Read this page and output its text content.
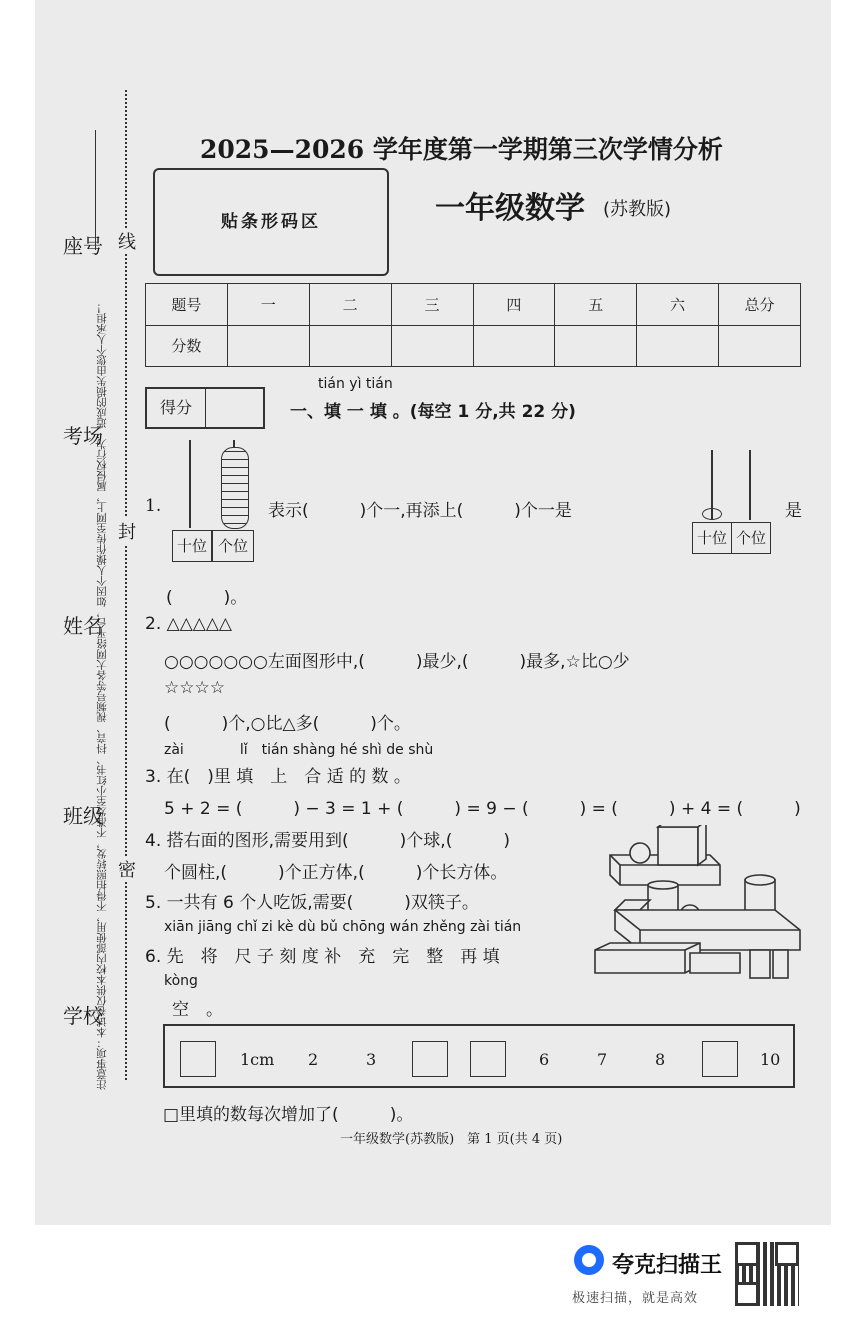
座号
考场
姓名
班级
学校
注意事项：本试卷仅供本校内部使用，不得拍照转发，不准发至小红书、抖音、视频号等各大网络平台，如因个人操作传至网上，属侵权行为，造成的损失由您个人承担！
线
封
密
2025—2026 学年度第一学期第三次学情分析
贴条形码区	一年级数学 (苏教版)
题号	一	二	三	四	五	六	总分
分数							
得分
tián yì tián
一、填 一 填 。(每空 1 分,共 22 分)
十位 个位
1.	表示(　　　)个一,再添上(　　　)个一是
十位 个位
是
(　　　)。
2. △△△△△
○○○○○○○左面图形中,(　　　)最少,(　　　)最多,☆比○少
☆☆☆☆
(　　　)个,○比△多(　　　)个。
zài　　　　lǐ　tián shàng hé shì de shù
3. 在(　)里 填　上　合 适 的 数 。
5 + 2 = (　　　) − 3 = 1 + (　　　) = 9 − (　　　) = (　　　) + 4 = (　　　)
4. 搭右面的图形,需要用到(　　　)个球,(　　　)
个圆柱,(　　　)个正方体,(　　　)个长方体。
5. 一共有 6 个人吃饭,需要(　　　)双筷子。
xiān jiāng chǐ zi kè dù bǔ chōng wán zhěng zài tián
6. 先　将　尺 子 刻 度 补　充　完　整　再 填
kòng
空　。
1cm 2	3	6	7	8	10
□里填的数每次增加了(　　　)。
一年级数学(苏教版)　第 1 页(共 4 页)
夸克扫描王
极速扫描，就是高效
